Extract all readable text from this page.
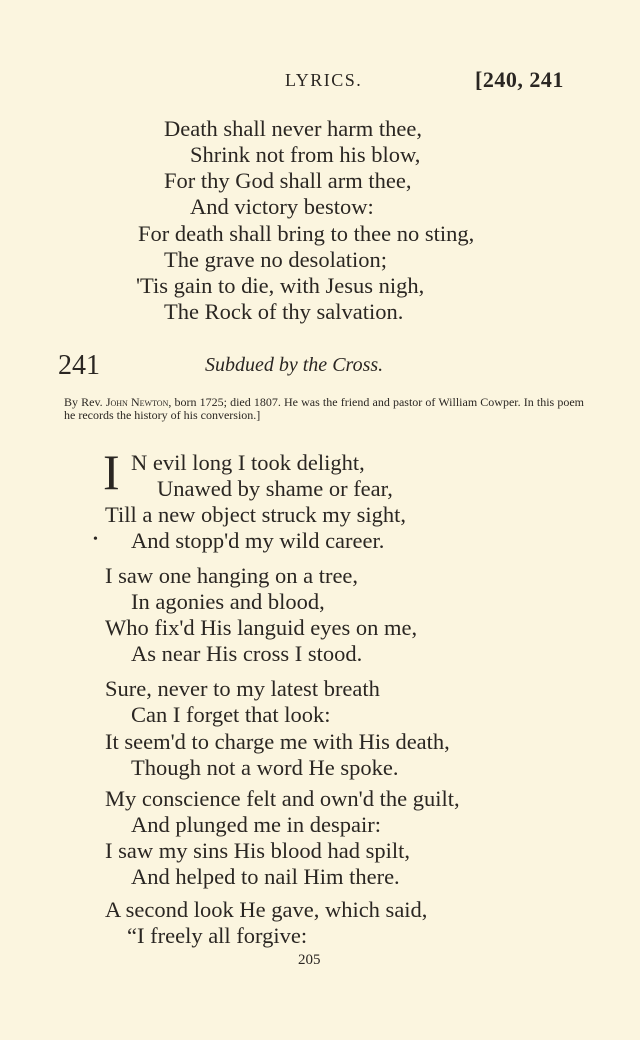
LYRICS.	[240, 241
Death shall never harm thee,
Shrink not from his blow,
For thy God shall arm thee,
And victory bestow:
For death shall bring to thee no sting,
The grave no desolation;
'Tis gain to die, with Jesus nigh,
The Rock of thy salvation.
241	Subdued by the Cross.
By Rev. John Newton, born 1725; died 1807. He was the friend and pastor of William Cowper. In this poem he records the history of his conversion.]
I
•
N evil long I took delight,
Unawed by shame or fear,
Till a new object struck my sight,
And stopp'd my wild career.
I saw one hanging on a tree,
In agonies and blood,
Who fix'd His languid eyes on me,
As near His cross I stood.
Sure, never to my latest breath
Can I forget that look:
It seem'd to charge me with His death,
Though not a word He spoke.
My conscience felt and own'd the guilt,
And plunged me in despair:
I saw my sins His blood had spilt,
And helped to nail Him there.
A second look He gave, which said,
“I freely all forgive:
205
